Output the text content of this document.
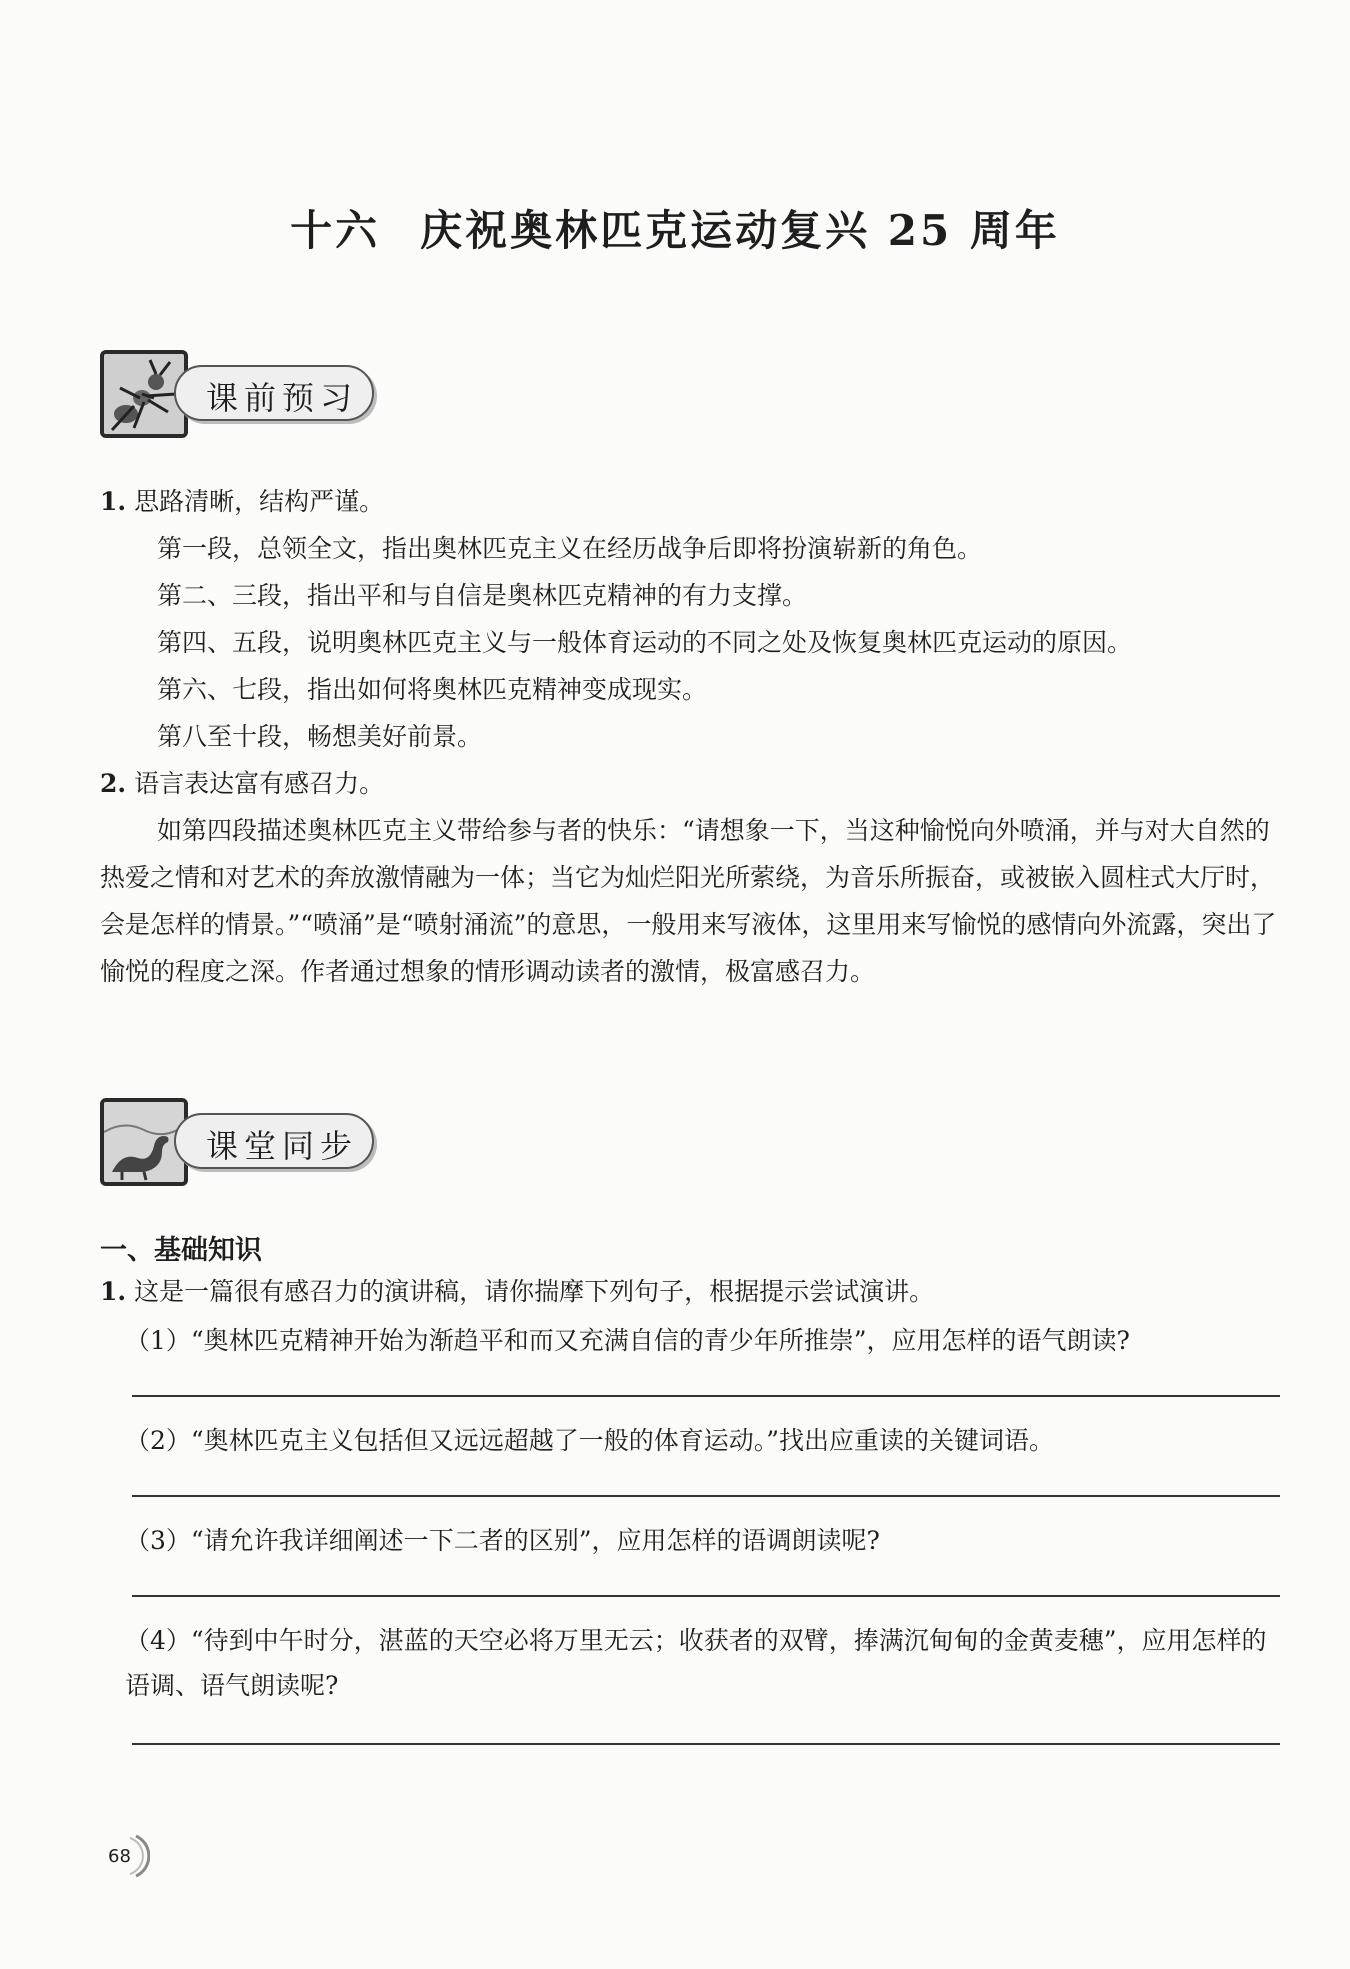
十六 庆祝奥林匹克运动复兴 25 周年
课前预习

1. 思路清晰，结构严谨。

第一段，总领全文，指出奥林匹克主义在经历战争后即将扮演崭新的角色。
第二、三段，指出平和与自信是奥林匹克精神的有力支撑。
第四、五段，说明奥林匹克主义与一般体育运动的不同之处及恢复奥林匹克运动的原因。
第六、七段，指出如何将奥林匹克精神变成现实。
第八至十段，畅想美好前景。

2. 语言表达富有感召力。

如第四段描述奥林匹克主义带给参与者的快乐：“请想象一下，当这种愉悦向外喷涌，并与对大自然的热爱之情和对艺术的奔放激情融为一体；当它为灿烂阳光所萦绕，为音乐所振奋，或被嵌入圆柱式大厅时，会是怎样的情景。”“喷涌”是“喷射涌流”的意思，一般用来写液体，这里用来写愉悦的感情向外流露，突出了愉悦的程度之深。作者通过想象的情形调动读者的激情，极富感召力。

课堂同步
一、基础知识

1. 这是一篇很有感召力的演讲稿，请你揣摩下列句子，根据提示尝试演讲。

（1）“奥林匹克精神开始为渐趋平和而又充满自信的青少年所推崇”，应用怎样的语气朗读?

（2）“奥林匹克主义包括但又远远超越了一般的体育运动。”找出应重读的关键词语。

（3）“请允许我详细阐述一下二者的区别”，应用怎样的语调朗读呢?

（4）“待到中午时分，湛蓝的天空必将万里无云；收获者的双臂，捧满沉甸甸的金黄麦穗”，应用怎样的语调、语气朗读呢?

68
